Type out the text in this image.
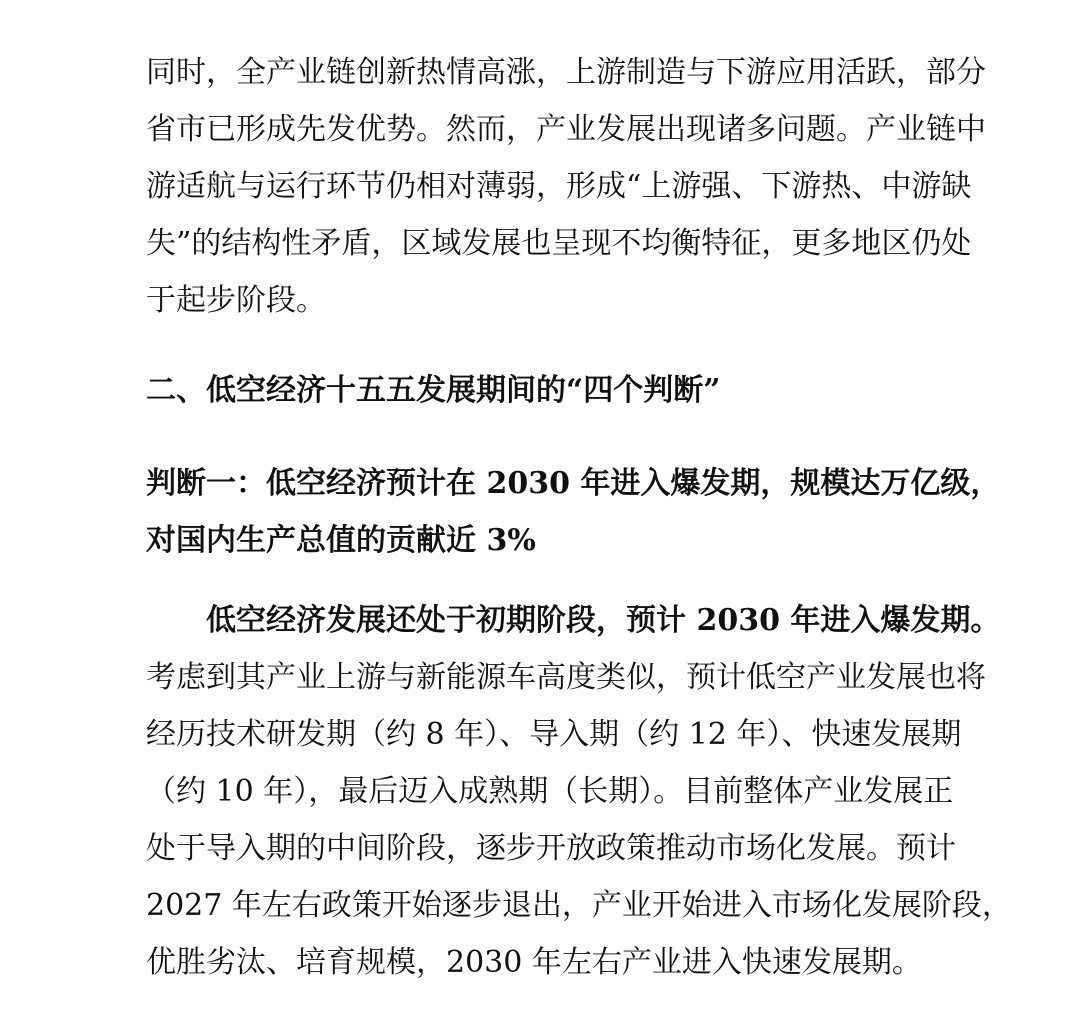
同时，全产业链创新热情高涨，上游制造与下游应用活跃，部分
省市已形成先发优势。然而，产业发展出现诸多问题。产业链中
游适航与运行环节仍相对薄弱，形成“上游强、下游热、中游缺
失”的结构性矛盾，区域发展也呈现不均衡特征，更多地区仍处
于起步阶段。
二、低空经济十五五发展期间的“四个判断”
判断一：低空经济预计在 2030 年进入爆发期，规模达万亿级，
对国内生产总值的贡献近 3%
低空经济发展还处于初期阶段，预计 2030 年进入爆发期。
考虑到其产业上游与新能源车高度类似，预计低空产业发展也将
经历技术研发期（约 8 年）、导入期（约 12 年）、快速发展期
（约 10 年），最后迈入成熟期（长期）。目前整体产业发展正
处于导入期的中间阶段，逐步开放政策推动市场化发展。预计
2027 年左右政策开始逐步退出，产业开始进入市场化发展阶段，
优胜劣汰、培育规模，2030 年左右产业进入快速发展期。
